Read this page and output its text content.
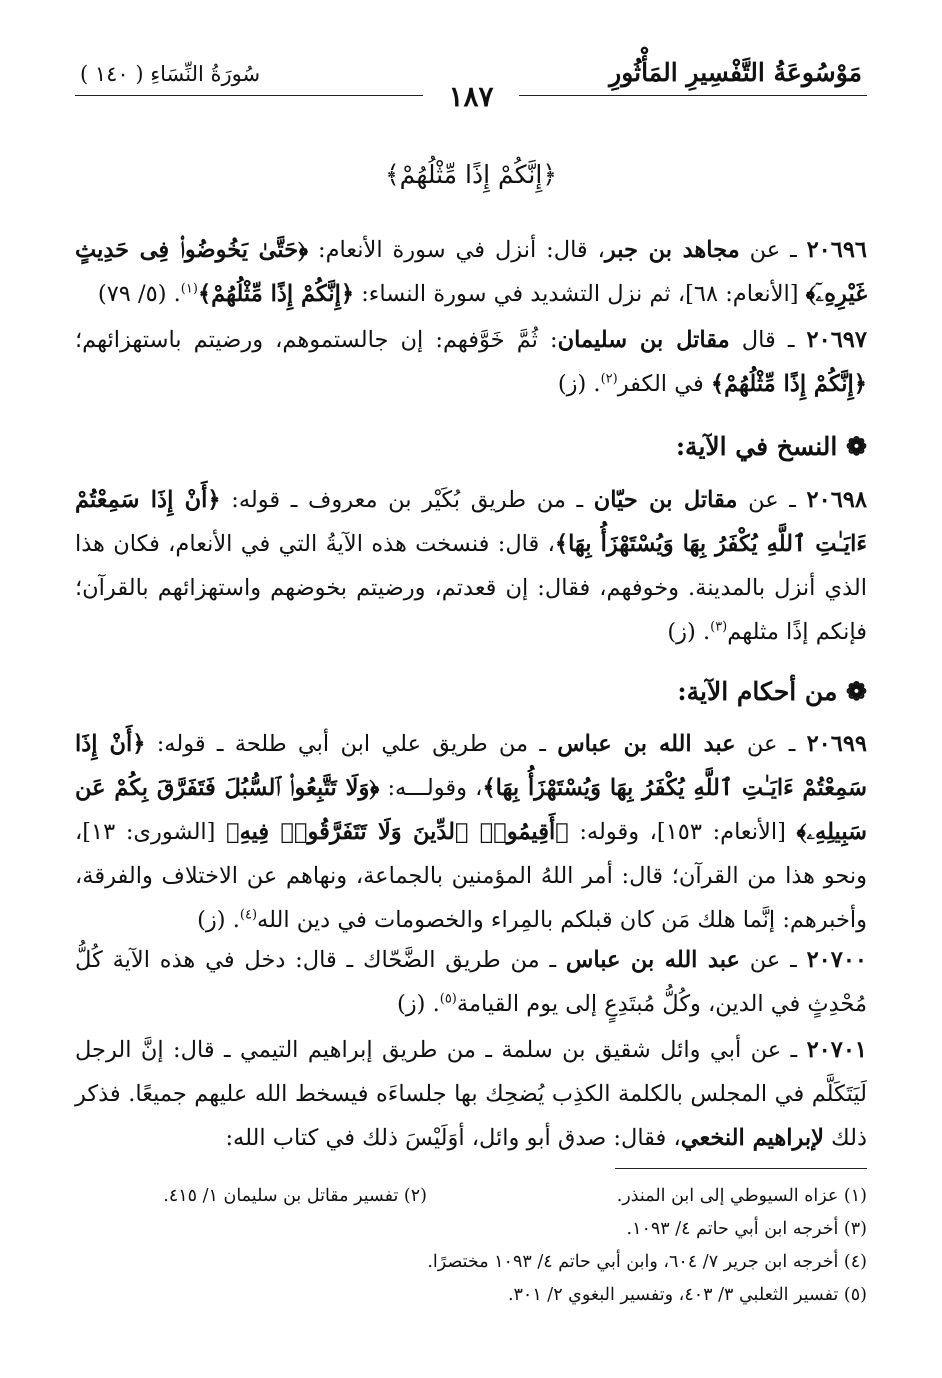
مَوْسُوعَةُ التَّفْسِيرِ المَأْثُورِ
سُورَةُ النِّسَاءِ ( ١٤٠ )
١٨٧
﴿إِنَّكُمْ إِذًا مِّثْلُهُمْ﴾
٢٠٦٩٦ ـ عن مجاهد بن جبر، قال: أنزل في سورة الأنعام: ﴿حَتَّىٰ يَخُوضُوا۟ فِى حَدِيثٍ غَيْرِهِۦٓ﴾ [الأنعام: ٦٨]، ثم نزل التشديد في سورة النساء: ﴿إِنَّكُمْ إِذًا مِّثْلُهُمْ﴾$^{(١)}$. (٥/ ٧٩)
٢٠٦٩٧ ـ قال مقاتل بن سليمان: ثُمَّ خَوَّفهم: إن جالستموهم، ورضيتم باستهزائهم؛ ﴿إِنَّكُمْ إِذًا مِّثْلُهُمْ﴾ في الكفر$^{(٢)}$. (ز)
❁ النسخ في الآية:
٢٠٦٩٨ ـ عن مقاتل بن حيّان ـ من طريق بُكَيْر بن معروف ـ قوله: ﴿أَنْ إِذَا سَمِعْتُمْ ءَايَـٰتِ ٱللَّهِ يُكْفَرُ بِهَا وَيُسْتَهْزَأُ بِهَا﴾، قال: فنسخت هذه الآيةُ التي في الأنعام، فكان هذا الذي أنزل بالمدينة. وخوفهم، فقال: إن قعدتم، ورضيتم بخوضهم واستهزائهم بالقرآن؛ فإنكم إذًا مثلهم$^{(٣)}$. (ز)
❁ من أحكام الآية:
٢٠٦٩٩ ـ عن عبد الله بن عباس ـ من طريق علي ابن أبي طلحة ـ قوله: ﴿أَنْ إِذَا سَمِعْتُمْ ءَايَـٰتِ ٱللَّهِ يُكْفَرُ بِهَا وَيُسْتَهْزَأُ بِهَا﴾، وقولـــه: ﴿وَلَا تَتَّبِعُوا۟ ٱلسُّبُلَ فَتَفَرَّقَ بِكُمْ عَن سَبِيلِهِۦ﴾ [الأنعام: ١٥٣]، وقوله: ﴿أَقِيمُوا۟ ٱلدِّينَ وَلَا تَتَفَرَّقُوا۟ فِيهِ﴾ [الشورى: ١٣]، ونحو هذا من القرآن؛ قال: أمر اللهُ المؤمنين بالجماعة، ونهاهم عن الاختلاف والفرقة، وأخبرهم: إنَّما هلك مَن كان قبلكم بالمِراء والخصومات في دين الله$^{(٤)}$. (ز)
٢٠٧٠٠ ـ عن عبد الله بن عباس ـ من طريق الضَّحّاك ـ قال: دخل في هذه الآية كُلُّ مُحْدِثٍ في الدين، وكُلُّ مُبتَدِعٍ إلى يوم القيامة$^{(٥)}$. (ز)
٢٠٧٠١ ـ عن أبي وائل شقيق بن سلمة ـ من طريق إبراهيم التيمي ـ قال: إنَّ الرجل لَيَتَكَلَّم في المجلس بالكلمة الكذِب يُضحِك بها جلساءَه فيسخط الله عليهم جميعًا. فذكر ذلك لإبراهيم النخعي، فقال: صدق أبو وائل، أوَلَيْسَ ذلك في كتاب الله:
(١) عزاه السيوطي إلى ابن المنذر.
(٢) تفسير مقاتل بن سليمان ١/ ٤١٥.
(٣) أخرجه ابن أبي حاتم ٤/ ١٠٩٣.
(٤) أخرجه ابن جرير ٧/ ٦٠٤، وابن أبي حاتم ٤/ ١٠٩٣ مختصرًا.
(٥) تفسير الثعلبي ٣/ ٤٠٣، وتفسير البغوي ٢/ ٣٠١.
